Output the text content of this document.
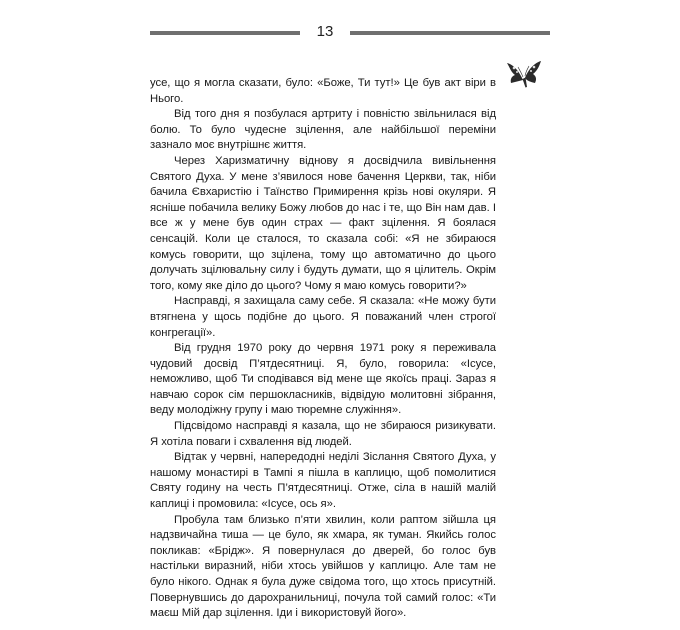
13

усе, що я могла сказати, було: «Боже, Ти тут!» Це був акт віри в Нього.

Від того дня я позбулася артриту і повністю звільнилася від болю. То було чудесне зцілення, але найбільшої переміни зазнало моє внутрішнє життя.

Через Харизматичну віднову я досвідчила вивільнення Святого Духа. У мене з’явилося нове бачення Церкви, так, ніби бачила Євхаристію і Таїнство Примирення крізь нові окуляри. Я ясніше побачила велику Божу любов до нас і те, що Він нам дав. І все ж у мене був один страх — факт зцілення. Я боялася сенсацій. Коли це сталося, то сказала собі: «Я не збираюся комусь говорити, що зцілена, тому що автоматично до цього долучать зцілювальну силу і будуть думати, що я цілитель. Окрім того, кому яке діло до цього? Чому я маю комусь говорити?»

Насправді, я захищала саму себе. Я сказала: «Не можу бути втягнена у щось подібне до цього. Я поважаний член строгої конгрегації».

Від грудня 1970 року до червня 1971 року я переживала чудовий досвід П’ятдесятниці. Я, було, говорила: «Ісусе, неможливо, щоб Ти сподівався від мене ще якоїсь праці. Зараз я навчаю сорок сім першокласників, відвідую молитовні зібрання, веду молодіжну групу і маю тюремне служіння».

Підсвідомо насправді я казала, що не збираюся ризикувати. Я хотіла поваги і схвалення від людей.

Відтак у червні, напередодні неділі Зіслання Святого Духа, у нашому монастирі в Тампі я пішла в каплицю, щоб помолитися Святу годину на честь П’ятдесятниці. Отже, сіла в нашій малій каплиці і промовила: «Ісусе, ось я».

Пробула там близько п’яти хвилин, коли раптом зійшла ця надзвичайна тиша — це було, як хмара, як туман. Якийсь голос покликав: «Брідж». Я повернулася до дверей, бо голос був настільки виразний, ніби хтось увійшов у каплицю. Але там не було нікого. Однак я була дуже свідома того, що хтось присутній. Повернувшись до дарохранильниці, почула той самий голос: «Ти маєш Мій дар зцілення. Іди і використовуй його».
